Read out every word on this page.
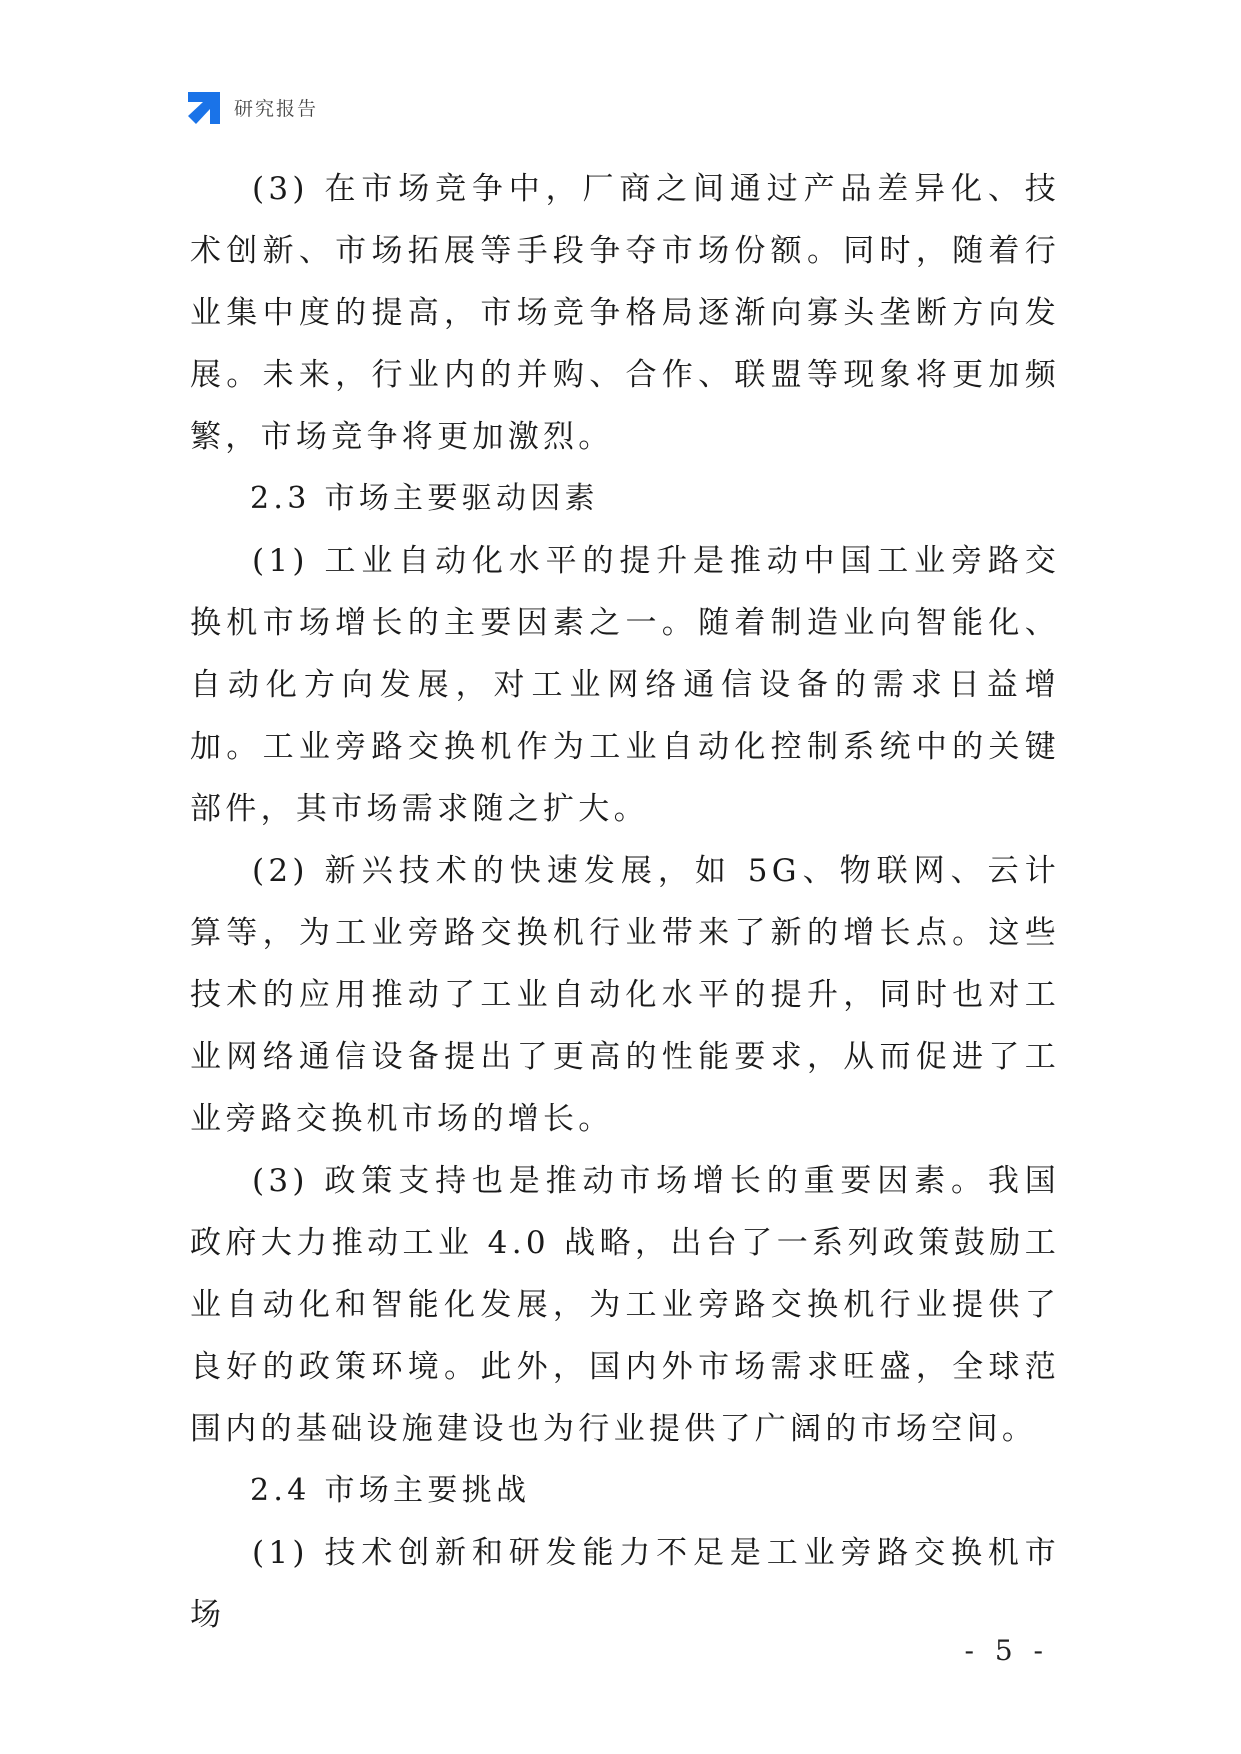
研究报告

(3) 在市场竞争中，厂商之间通过产品差异化、技术创新、市场拓展等手段争夺市场份额。同时，随着行业集中度的提高，市场竞争格局逐渐向寡头垄断方向发展。未来，行业内的并购、合作、联盟等现象将更加频繁，市场竞争将更加激烈。

2.3 市场主要驱动因素

(1) 工业自动化水平的提升是推动中国工业旁路交换机市场增长的主要因素之一。随着制造业向智能化、自动化方向发展，对工业网络通信设备的需求日益增加。工业旁路交换机作为工业自动化控制系统中的关键部件，其市场需求随之扩大。

(2) 新兴技术的快速发展，如 5G、物联网、云计算等，为工业旁路交换机行业带来了新的增长点。这些技术的应用推动了工业自动化水平的提升，同时也对工业网络通信设备提出了更高的性能要求，从而促进了工业旁路交换机市场的增长。

(3) 政策支持也是推动市场增长的重要因素。我国政府大力推动工业 4.0 战略，出台了一系列政策鼓励工业自动化和智能化发展，为工业旁路交换机行业提供了良好的政策环境。此外，国内外市场需求旺盛，全球范围内的基础设施建设也为行业提供了广阔的市场空间。

2.4 市场主要挑战

(1) 技术创新和研发能力不足是工业旁路交换机市场

- 5 -
